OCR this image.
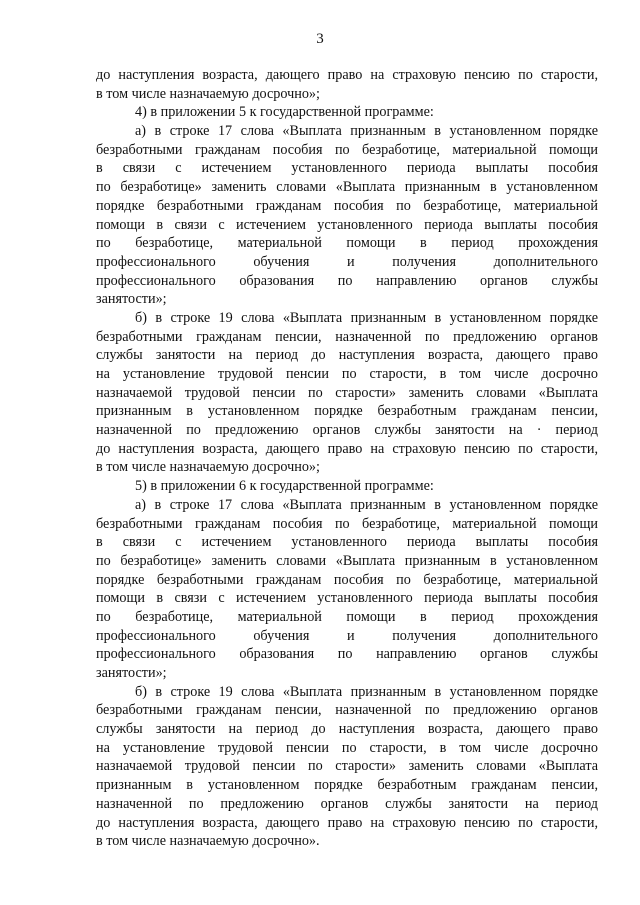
3
до наступления возраста, дающего право на страховую пенсию по старости,
в том числе назначаемую досрочно»;
4) в приложении 5 к государственной программе:
а) в строке 17 слова «Выплата признанным в установленном порядке
безработными гражданам пособия по безработице, материальной помощи
в связи с истечением установленного периода выплаты пособия
по безработице» заменить словами «Выплата признанным в установленном
порядке безработными гражданам пособия по безработице, материальной
помощи в связи с истечением установленного периода выплаты пособия
по безработице, материальной помощи в период прохождения
профессионального обучения и получения дополнительного
профессионального образования по направлению органов службы
занятости»;
б) в строке 19 слова «Выплата признанным в установленном порядке
безработными гражданам пенсии, назначенной по предложению органов
службы занятости на период до наступления возраста, дающего право
на установление трудовой пенсии по старости, в том числе досрочно
назначаемой трудовой пенсии по старости» заменить словами «Выплата
признанным в установленном порядке безработным гражданам пенсии,
назначенной по предложению органов службы занятости на · период
до наступления возраста, дающего право на страховую пенсию по старости,
в том числе назначаемую досрочно»;
5) в приложении 6 к государственной программе:
а) в строке 17 слова «Выплата признанным в установленном порядке
безработными гражданам пособия по безработице, материальной помощи
в связи с истечением установленного периода выплаты пособия
по безработице» заменить словами «Выплата признанным в установленном
порядке безработными гражданам пособия по безработице, материальной
помощи в связи с истечением установленного периода выплаты пособия
по безработице, материальной помощи в период прохождения
профессионального обучения и получения дополнительного
профессионального образования по направлению органов службы
занятости»;
б) в строке 19 слова «Выплата признанным в установленном порядке
безработными гражданам пенсии, назначенной по предложению органов
службы занятости на период до наступления возраста, дающего право
на установление трудовой пенсии по старости, в том числе досрочно
назначаемой трудовой пенсии по старости» заменить словами «Выплата
признанным в установленном порядке безработным гражданам пенсии,
назначенной по предложению органов службы занятости на период
до наступления возраста, дающего право на страховую пенсию по старости,
в том числе назначаемую досрочно».
